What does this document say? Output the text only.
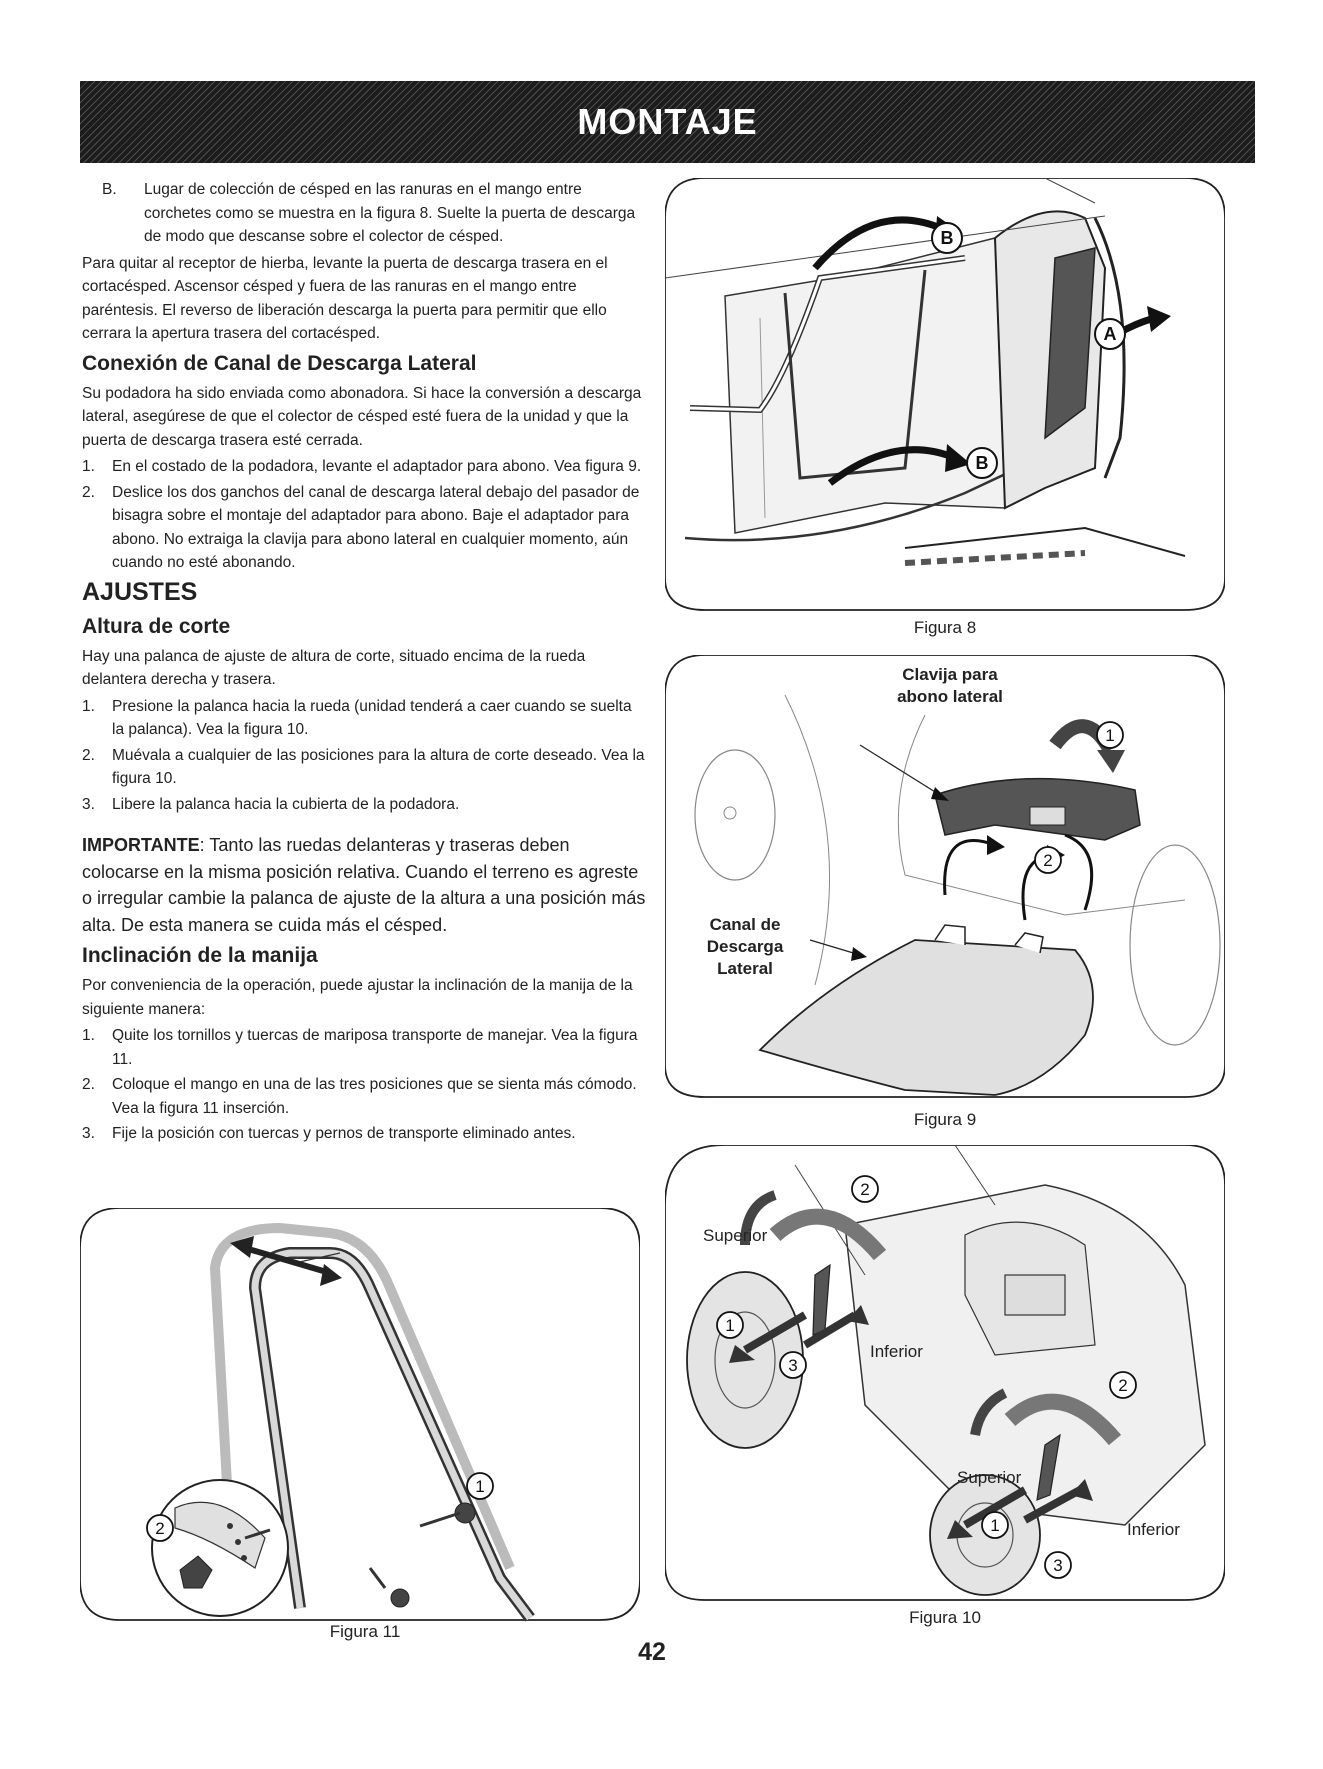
MONTAJE
B.	Lugar de colección de césped en las ranuras en el mango entre corchetes como se muestra en la figura 8. Suelte la puerta de descarga de modo que descanse sobre el colector de césped.

Para quitar al receptor de hierba, levante la puerta de descarga trasera en el cortacésped. Ascensor césped y fuera de las ranuras en el mango entre paréntesis. El reverso de liberación descarga la puerta para permitir que ello cerrara la apertura trasera del cortacésped.

Conexión de Canal de Descarga Lateral

Su podadora ha sido enviada como abonadora. Si hace la conversión a descarga lateral, asegúrese de que el colector de césped esté fuera de la unidad y que la puerta de descarga trasera esté cerrada.

1.	En el costado de la podadora, levante el adaptador para abono. Vea figura 9.
2.	Deslice los dos ganchos del canal de descarga lateral debajo del pasador de bisagra sobre el montaje del adaptador para abono. Baje el adaptador para abono. No extraiga la clavija para abono lateral en cualquier momento, aún cuando no esté abonando.
AJUSTES
Altura de corte

Hay una palanca de ajuste de altura de corte, situado encima de la rueda delantera derecha y trasera.

1.	Presione la palanca hacia la rueda (unidad tenderá a caer cuando se suelta la palanca). Vea la figura 10.
2.	Muévala a cualquier de las posiciones para la altura de corte deseado. Vea la figura 10.
3.	Libere la palanca hacia la cubierta de la podadora.

IMPORTANTE: Tanto las ruedas delanteras y traseras deben colocarse en la misma posición relativa. Cuando el terreno es agreste o irregular cambie la palanca de ajuste de la altura a una posición más alta. De esta manera se cuida más el césped.

Inclinación de la manija

Por conveniencia de la operación, puede ajustar la inclinación de la manija de la siguiente manera:

1.	Quite los tornillos y tuercas de mariposa transporte de manejar. Vea la figura 11.
2.	Coloque el mango en una de las tres posiciones que se sienta más cómodo. Vea la figura 11 inserción.
3.	Fije la posición con tuercas y pernos de transporte eliminado antes.
B
A
B
Figura 8
1
2
Clavija para
abono lateral
Canal de
Descarga
Lateral
Figura 9
2
1
3
2
1
3
Superior
Inferior
Superior
Inferior
Figura 10
1
2
Figura 11
42
